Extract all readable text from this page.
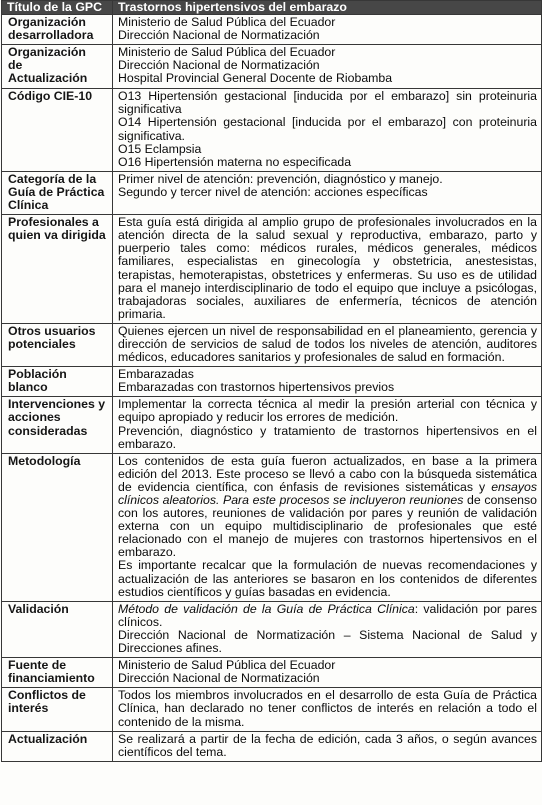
Título de la GPC	Trastornos hipertensivos del embarazo
Organización desarrolladora	Ministerio de Salud Pública del Ecuador
Dirección Nacional de Normatización

Organización
de
Actualización	Ministerio de Salud Pública del Ecuador
Dirección Nacional de Normatización
Hospital Provincial General Docente de Riobamba

Código CIE-10	O13 Hipertensión gestacional [inducida por el embarazo] sin proteinuria significativa
O14 Hipertensión gestacional [inducida por el embarazo] con proteinuria significativa.
O15 Eclampsia
O16 Hipertensión materna no especificada

Categoría de la Guía de Práctica Clínica	Primer nivel de atención: prevención, diagnóstico y manejo.
Segundo y tercer nivel de atención: acciones específicas

Profesionales a quien va dirigida	Esta guía está dirigida al amplio grupo de profesionales involucrados en la atención directa de la salud sexual y reproductiva, embarazo, parto y puerperio tales como: médicos rurales, médicos generales, médicos familiares, especialistas en ginecología y obstetricia, anestesistas, terapistas, hemoterapistas, obstetrices y enfermeras. Su uso es de utilidad para el manejo interdisciplinario de todo el equipo que incluye a psicólogas, trabajadoras sociales, auxiliares de enfermería, técnicos de atención primaria.
Otros usuarios potenciales	Quienes ejercen un nivel de responsabilidad en el planeamiento, gerencia y dirección de servicios de salud de todos los niveles de atención, auditores médicos, educadores sanitarios y profesionales de salud en formación.
Población blanco	Embarazadas
Embarazadas con trastornos hipertensivos previos

Intervenciones y acciones consideradas	Implementar la correcta técnica al medir la presión arterial con técnica y equipo apropiado y reducir los errores de medición.
Prevención, diagnóstico y tratamiento de trastornos hipertensivos en el embarazo.

Metodología	Los contenidos de esta guía fueron actualizados, en base a la primera edición del 2013. Este proceso se llevó a cabo con la búsqueda sistemática de evidencia científica, con énfasis de revisiones sistemáticas y ensayos clínicos aleatorios. Para este procesos se incluyeron reuniones de consenso con los autores, reuniones de validación por pares y reunión de validación externa con un equipo multidisciplinario de profesionales que esté relacionado con el manejo de mujeres con trastornos hipertensivos en el embarazo.
Es importante recalcar que la formulación de nuevas recomendaciones y actualización de las anteriores se basaron en los contenidos de diferentes estudios científicos y guías basadas en evidencia.

Validación	Método de validación de la Guía de Práctica Clínica: validación por pares clínicos.
Dirección Nacional de Normatización – Sistema Nacional de Salud y Direcciones afines.

Fuente de financiamiento	Ministerio de Salud Pública del Ecuador
Dirección Nacional de Normatización

Conflictos de interés	Todos los miembros involucrados en el desarrollo de esta Guía de Práctica Clínica, han declarado no tener conflictos de interés en relación a todo el contenido de la misma.
Actualización	Se realizará a partir de la fecha de edición, cada 3 años, o según avances científicos del tema.
